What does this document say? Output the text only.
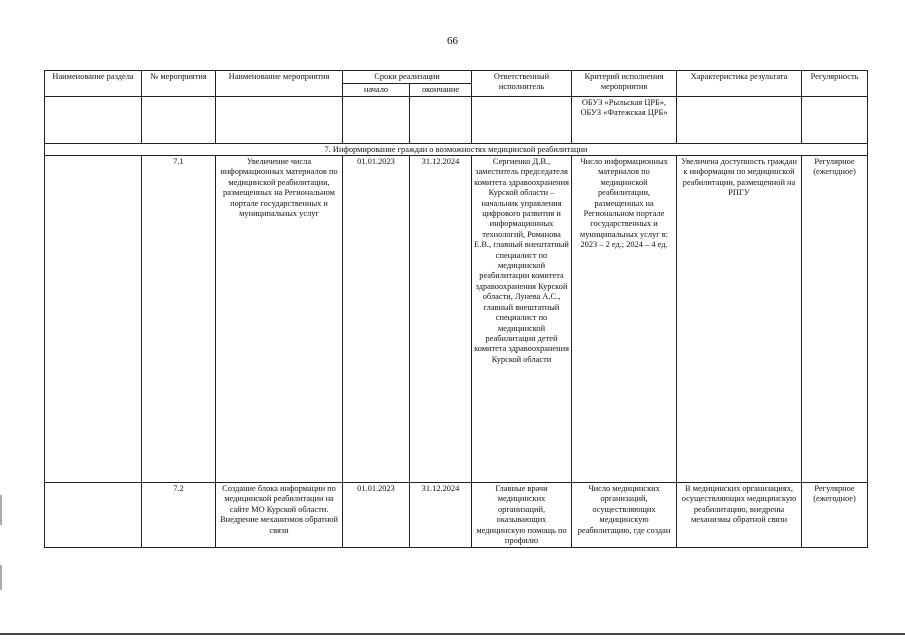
66
Наименование раздела	№ мероприятия	Наименование мероприятия	Сроки реализации		Ответственный исполнитель	Критерий исполнения мероприятия	Характеристика результата	Регулярность
			начало	окончание				
						ОБУЗ «Рыльская ЦРБ», ОБУЗ «Фатежская ЦРБ»		
7. Информирование граждан о возможностях медицинской реабилитации								
	7.1	Увеличение числа информационных материалов по медицинской реабилитации, размещенных на Региональном портале государственных и муниципальных услуг	01.01.2023	31.12.2024	Сергиенко Д.В., заместитель председателя комитета здравоохранения Курской области – начальник управления цифрового развития и информационных технологий, Романова Е.В., главный внештатный специалист по медицинской реабилитации комитета здравоохранения Курской области, Лунева А.С., главный внештатный специалист по медицинской реабилитации детей комитета здравоохранения Курской области	Число информационных материалов по медицинской реабилитации, размещенных на Региональном портале государственных и муниципальных услуг в: 2023 – 2 ед.; 2024 – 4 ед.	Увеличена доступность граждан к информации по медицинской реабилитации, размещенной на РПГУ	Регулярное (ежегодное)
	7.2	Создание блока информации по медицинской реабилитации на сайте МО Курской области. Внедрение механизмов обратной связи	01.01.2023	31.12.2024	Главные врачи медицинских организаций, оказывающих медицинскую помощь по профилю	Число медицинских организаций, осуществляющих медицинскую реабилитацию, где создан	В медицинских организациях, осуществляющих медицинскую реабилитацию, внедрены механизмы обратной связи	Регулярное (ежегодное)
